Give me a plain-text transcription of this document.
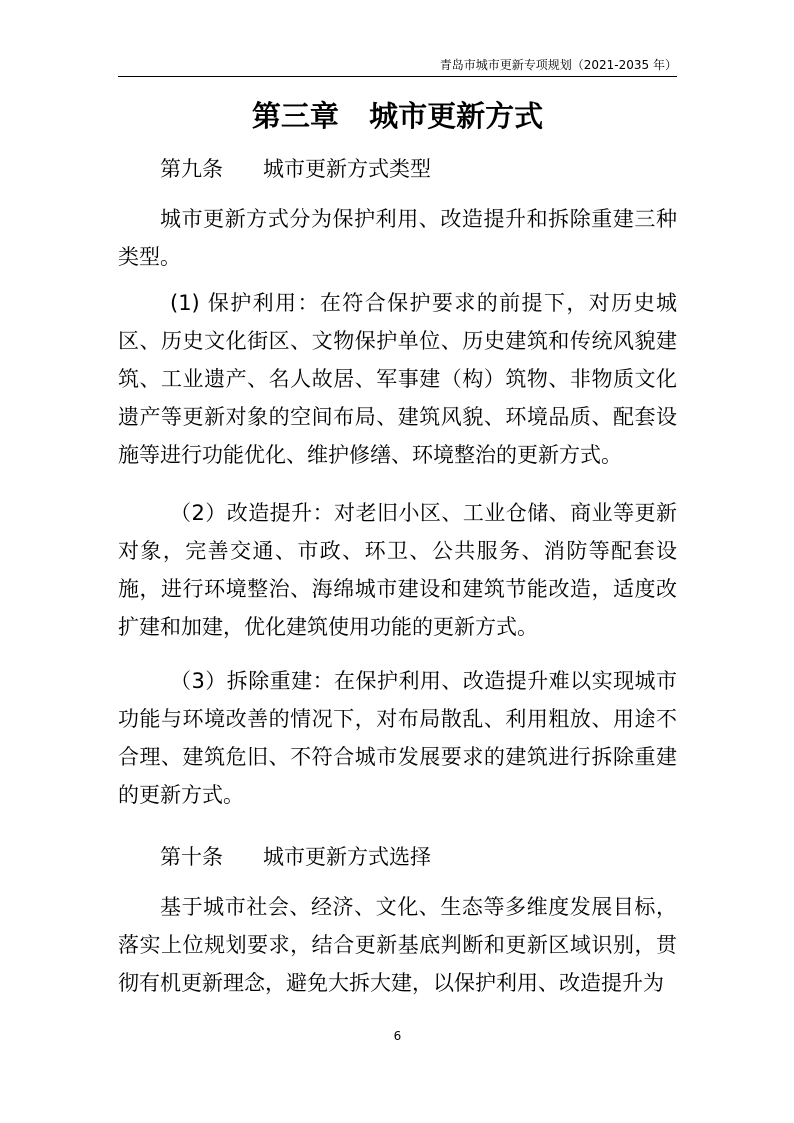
青岛市城市更新专项规划（2021-2035 年）
第三章   城市更新方式
第九条      城市更新方式类型

城市更新方式分为保护利用、改造提升和拆除重建三种类型。

(1) 保护利用：在符合保护要求的前提下，对历史城区、历史文化街区、文物保护单位、历史建筑和传统风貌建筑、工业遗产、名人故居、军事建（构）筑物、非物质文化遗产等更新对象的空间布局、建筑风貌、环境品质、配套设施等进行功能优化、维护修缮、环境整治的更新方式。

（2）改造提升：对老旧小区、工业仓储、商业等更新对象，完善交通、市政、环卫、公共服务、消防等配套设施，进行环境整治、海绵城市建设和建筑节能改造，适度改扩建和加建，优化建筑使用功能的更新方式。

（3）拆除重建：在保护利用、改造提升难以实现城市功能与环境改善的情况下，对布局散乱、利用粗放、用途不合理、建筑危旧、不符合城市发展要求的建筑进行拆除重建的更新方式。

第十条      城市更新方式选择

基于城市社会、经济、文化、生态等多维度发展目标，落实上位规划要求，结合更新基底判断和更新区域识别，贯彻有机更新理念，避免大拆大建，以保护利用、改造提升为

6
